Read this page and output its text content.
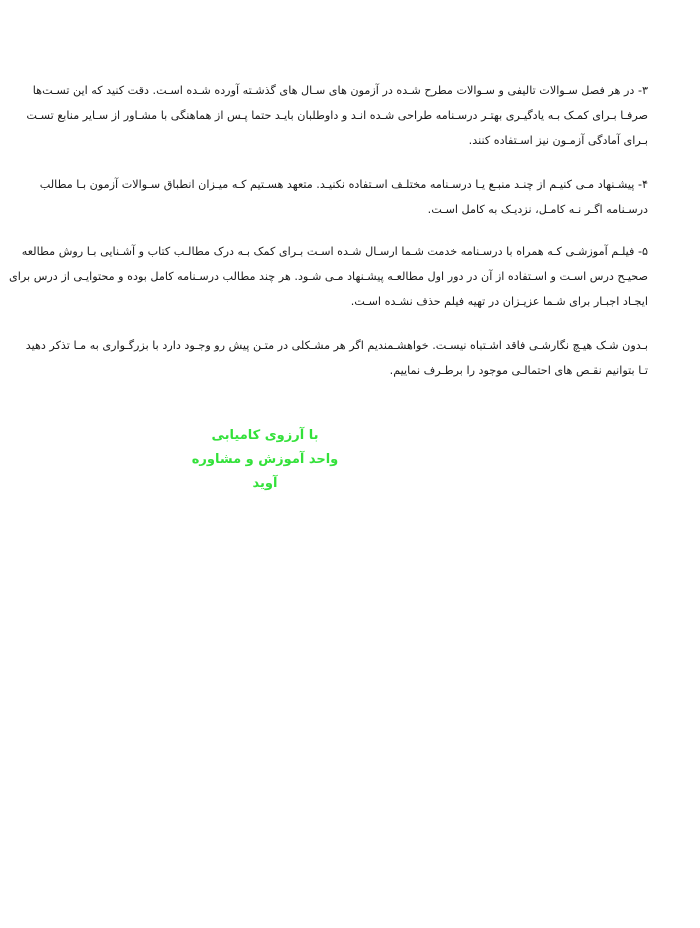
۳- در هر فصل سـوالات تالیفی و سـوالات مطرح شـده در آزمون های سـال های گذشـته آورده شـده اسـت. دقت کنید که این تسـت‌ها
صرفـا بـرای کمـک بـه یادگیـری بهتـر درسـنامه طراحی شـده انـد و داوطلبان بایـد حتما پـس از هماهنگی با مشـاور از سـایر منابع تسـت
بـرای آمادگی آزمـون نیز اسـتفاده کنند.

۴- پیشـنهاد مـی کنیـم از چنـد منبـع یـا درسـنامه مختلـف اسـتفاده نکنیـد. متعهد هسـتیم کـه میـزان انطباق سـوالات آزمون بـا مطالب
درسـنامه اگـر نـه کامـل، نزدیـک به کامل اسـت.

۵- فیلـم آموزشـی کـه همراه با درسـنامه خدمت شـما ارسـال شـده اسـت بـرای کمک بـه درک مطالـب کتاب و آشـنایی بـا روش مطالعه
صحیـح درس اسـت و اسـتفاده از آن در دور اول مطالعـه پیشـنهاد مـی شـود. هر چند مطالب درسـنامه کامل بوده و محتوایـی از درس برای
ایجـاد اجبـار برای شـما عزیـزان در تهیه فیلم حذف نشـده اسـت.

بـدون شـک هیـچ نگارشـی فاقد اشـتباه نیسـت. خواهشـمندیم اگر هر مشـکلی در متـن پیش رو وجـود دارد با بزرگـواری به مـا تذکر دهید
تـا بتوانیم نقـص های احتمالـی موجود را برطـرف نماییم.

با آرزوی کامیابی
واحد آموزش و مشاوره آوید
